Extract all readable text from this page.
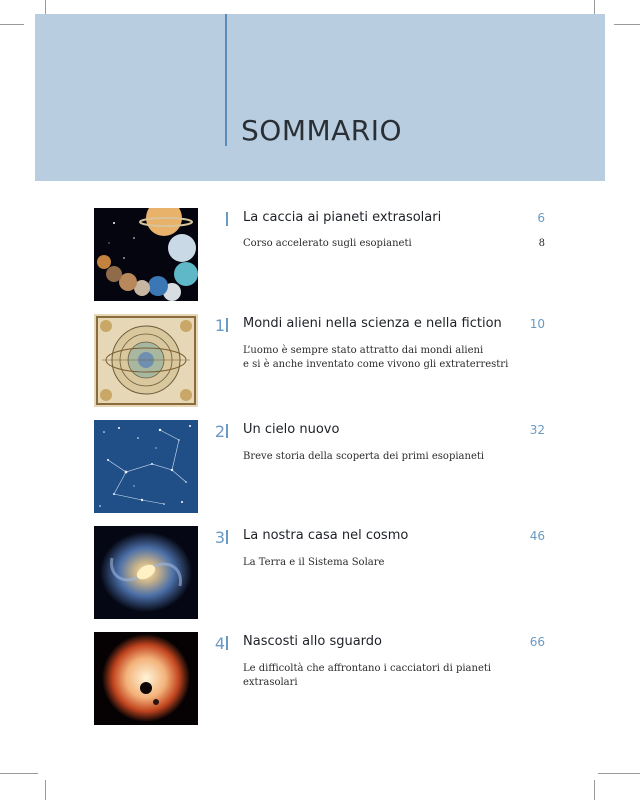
SOMMARIO
La caccia ai pianeti extrasolari	6
Corso accelerato sugli esopianeti	8
1 Mondi alieni nella scienza e nella fiction 10
L’uomo è sempre stato attratto dai mondi alieni
e si è anche inventato come vivono gli extraterrestri
2 Un cielo nuovo	32
Breve storia della scoperta dei primi esopianeti
3 La nostra casa nel cosmo	46
La Terra e il Sistema Solare
4 Nascosti allo sguardo	66
Le difficoltà che affrontano i cacciatori di pianeti extrasolari
